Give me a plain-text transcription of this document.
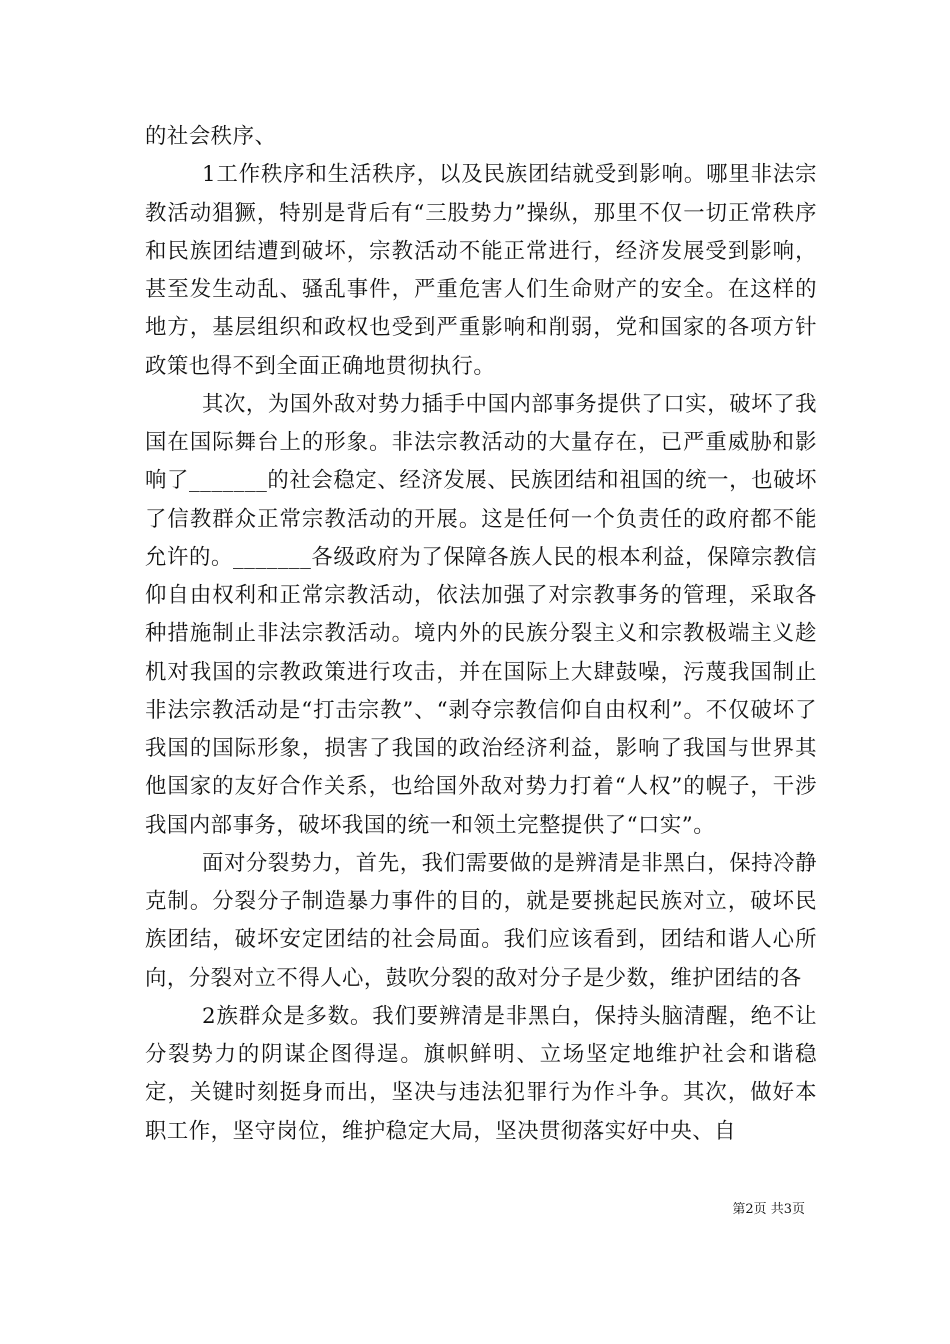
的社会秩序、

1工作秩序和生活秩序，以及民族团结就受到影响。哪里非法宗教活动猖獗，特别是背后有“三股势力”操纵，那里不仅一切正常秩序和民族团结遭到破坏，宗教活动不能正常进行，经济发展受到影响，甚至发生动乱、骚乱事件，严重危害人们生命财产的安全。在这样的地方，基层组织和政权也受到严重影响和削弱，党和国家的各项方针政策也得不到全面正确地贯彻执行。

其次，为国外敌对势力插手中国内部事务提供了口实，破坏了我国在国际舞台上的形象。非法宗教活动的大量存在，已严重威胁和影响了_______的社会稳定、经济发展、民族团结和祖国的统一，也破坏了信教群众正常宗教活动的开展。这是任何一个负责任的政府都不能允许的。_______各级政府为了保障各族人民的根本利益，保障宗教信仰自由权利和正常宗教活动，依法加强了对宗教事务的管理，采取各种措施制止非法宗教活动。境内外的民族分裂主义和宗教极端主义趁机对我国的宗教政策进行攻击，并在国际上大肆鼓噪，污蔑我国制止非法宗教活动是“打击宗教”、“剥夺宗教信仰自由权利”。不仅破坏了我国的国际形象，损害了我国的政治经济利益，影响了我国与世界其他国家的友好合作关系，也给国外敌对势力打着“人权”的幌子，干涉我国内部事务，破坏我国的统一和领土完整提供了“口实”。

面对分裂势力，首先，我们需要做的是辨清是非黑白，保持冷静克制。分裂分子制造暴力事件的目的，就是要挑起民族对立，破坏民族团结，破坏安定团结的社会局面。我们应该看到，团结和谐人心所向，分裂对立不得人心，鼓吹分裂的敌对分子是少数，维护团结的各

2族群众是多数。我们要辨清是非黑白，保持头脑清醒，绝不让分裂势力的阴谋企图得逞。旗帜鲜明、立场坚定地维护社会和谐稳定，关键时刻挺身而出，坚决与违法犯罪行为作斗争。其次，做好本职工作，坚守岗位，维护稳定大局，坚决贯彻落实好中央、自

第2页 共3页
